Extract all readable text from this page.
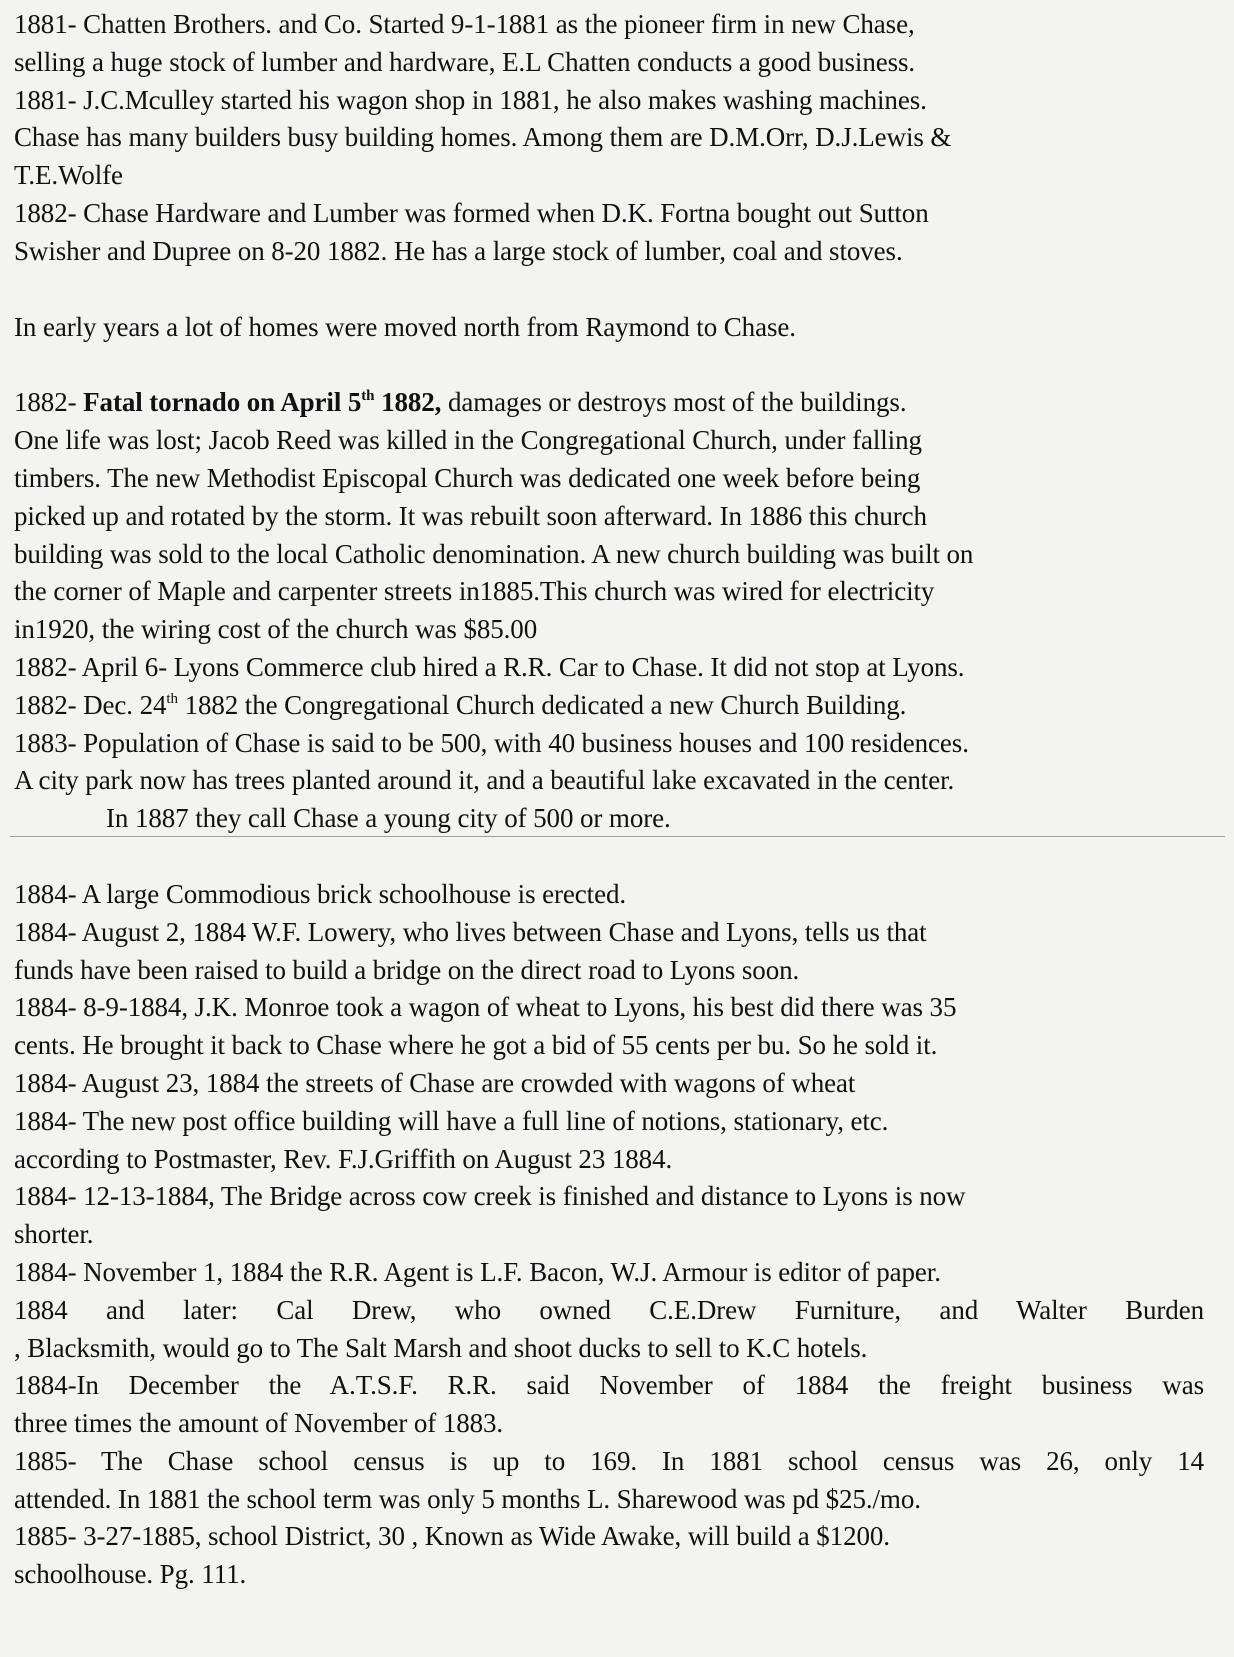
1881- Chatten Brothers. and Co. Started 9-1-1881 as the pioneer firm in new Chase,
selling a huge stock of lumber and hardware, E.L Chatten conducts a good business.
1881- J.C.Mculley started his wagon shop in 1881, he also makes washing machines.
Chase has many builders busy building homes. Among them are D.M.Orr, D.J.Lewis &
T.E.Wolfe
1882- Chase Hardware and Lumber was formed when D.K. Fortna bought out Sutton
Swisher and Dupree on 8-20 1882. He has a large stock of lumber, coal and stoves.
In early years a lot of homes were moved north from Raymond to Chase.
1882- Fatal tornado on April 5th 1882, damages or destroys most of the buildings.
One life was lost; Jacob Reed was killed in the Congregational Church, under falling
timbers. The new Methodist Episcopal Church was dedicated one week before being
picked up and rotated by the storm. It was rebuilt soon afterward. In 1886 this church
building was sold to the local Catholic denomination. A new church building was built on
the corner of Maple and carpenter streets in1885.This church was wired for electricity
in1920, the wiring cost of the church was $85.00
1882- April 6- Lyons Commerce club hired a R.R. Car to Chase. It did not stop at Lyons.
1882- Dec. 24th 1882 the Congregational Church dedicated a new Church Building.
1883- Population of Chase is said to be 500, with 40 business houses and 100 residences.
A city park now has trees planted around it, and a beautiful lake excavated in the center.
In 1887 they call Chase a young city of 500 or more.
1884- A large Commodious brick schoolhouse is erected.
1884- August 2, 1884 W.F. Lowery, who lives between Chase and Lyons, tells us that
funds have been raised to build a bridge on the direct road to Lyons soon.
1884- 8-9-1884, J.K. Monroe took a wagon of wheat to Lyons, his best did there was 35
cents. He brought it back to Chase where he got a bid of 55 cents per bu. So he sold it.
1884- August 23, 1884 the streets of Chase are crowded with wagons of wheat
1884- The new post office building will have a full line of notions, stationary, etc.
according to Postmaster, Rev. F.J.Griffith on August 23 1884.
1884- 12-13-1884, The Bridge across cow creek is finished and distance to Lyons is now
shorter.
1884- November 1, 1884 the R.R. Agent is L.F. Bacon, W.J. Armour is editor of paper.
1884 and later: Cal Drew, who owned C.E.Drew Furniture, and Walter Burden
, Blacksmith, would go to The Salt Marsh and shoot ducks to sell to K.C hotels.
1884-In December the A.T.S.F. R.R. said November of 1884 the freight business was
three times the amount of November of 1883.
1885- The Chase school census is up to 169. In 1881 school census was 26, only 14
attended. In 1881 the school term was only 5 months L. Sharewood was pd $25./mo.
1885- 3-27-1885, school District, 30 , Known as Wide Awake, will build a $1200.
schoolhouse. Pg. 111.
